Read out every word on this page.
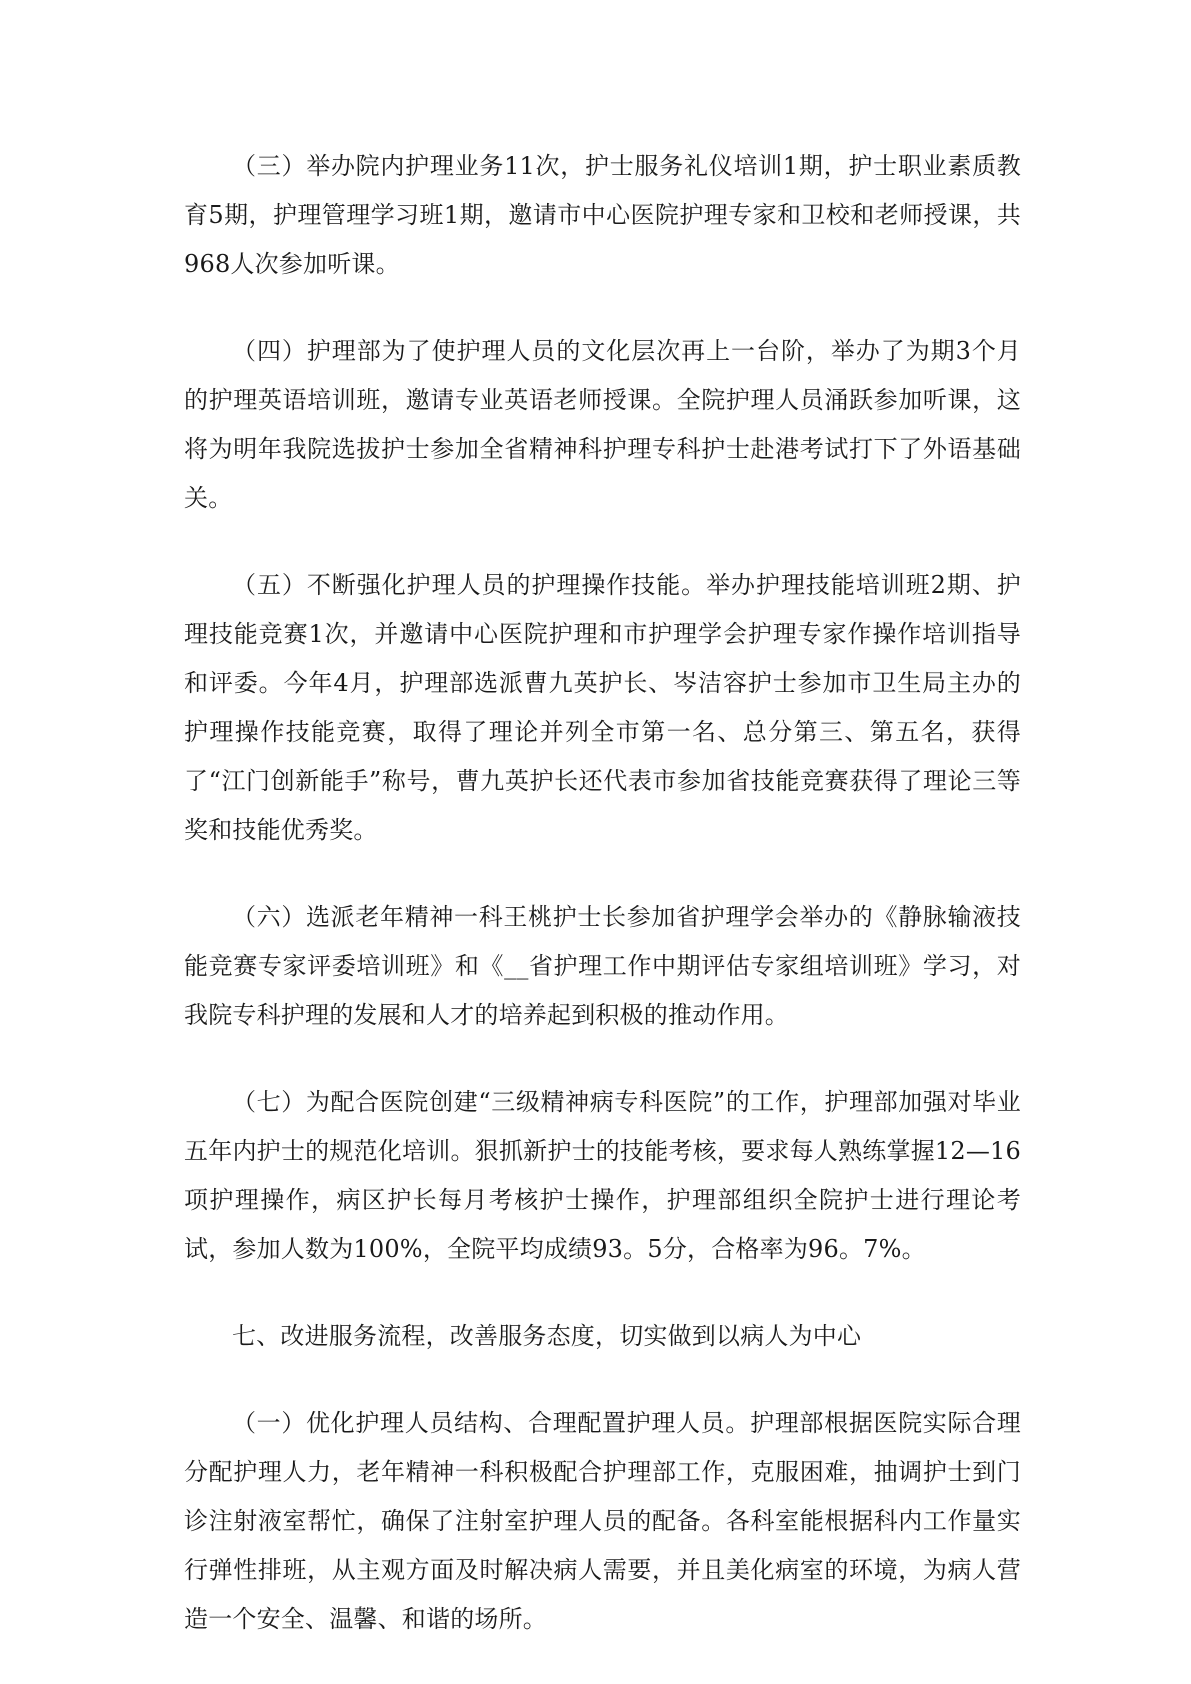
（三）举办院内护理业务11次，护士服务礼仪培训1期，护士职业素质教育5期，护理管理学习班1期，邀请市中心医院护理专家和卫校和老师授课，共968人次参加听课。

（四）护理部为了使护理人员的文化层次再上一台阶，举办了为期3个月的护理英语培训班，邀请专业英语老师授课。全院护理人员涌跃参加听课，这将为明年我院选拔护士参加全省精神科护理专科护士赴港考试打下了外语基础关。

（五）不断强化护理人员的护理操作技能。举办护理技能培训班2期、护理技能竞赛1次，并邀请中心医院护理和市护理学会护理专家作操作培训指导和评委。今年4月，护理部选派曹九英护长、岑洁容护士参加市卫生局主办的护理操作技能竞赛，取得了理论并列全市第一名、总分第三、第五名，获得了“江门创新能手”称号，曹九英护长还代表市参加省技能竞赛获得了理论三等奖和技能优秀奖。

（六）选派老年精神一科王桃护士长参加省护理学会举办的《静脉输液技能竞赛专家评委培训班》和《__省护理工作中期评估专家组培训班》学习，对我院专科护理的发展和人才的培养起到积极的推动作用。

（七）为配合医院创建“三级精神病专科医院”的工作，护理部加强对毕业五年内护士的规范化培训。狠抓新护士的技能考核，要求每人熟练掌握12—16项护理操作，病区护长每月考核护士操作，护理部组织全院护士进行理论考试，参加人数为100%，全院平均成绩93。5分，合格率为96。7%。

七、改进服务流程，改善服务态度，切实做到以病人为中心

（一）优化护理人员结构、合理配置护理人员。护理部根据医院实际合理分配护理人力，老年精神一科积极配合护理部工作，克服困难，抽调护士到门诊注射液室帮忙，确保了注射室护理人员的配备。各科室能根据科内工作量实行弹性排班，从主观方面及时解决病人需要，并且美化病室的环境，为病人营造一个安全、温馨、和谐的场所。
